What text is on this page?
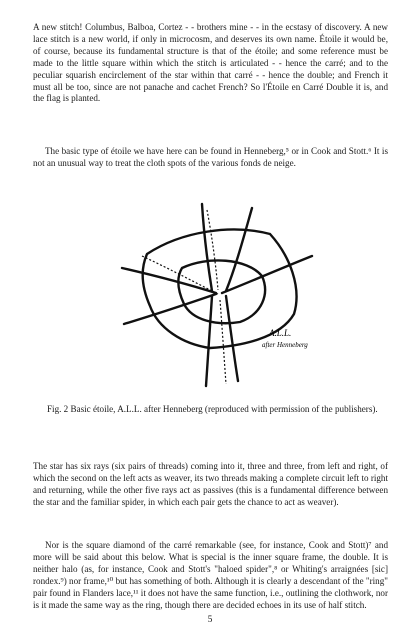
A new stitch! Columbus, Balboa, Cortez - - brothers mine - - in the ecstasy of discovery. A new lace stitch is a new world, if only in microcosm, and deserves its own name. Étoile it would be, of course, because its fundamental structure is that of the étoile; and some reference must be made to the little square within which the stitch is articulated - - hence the carré; and to the peculiar squarish encirclement of the star within that carré - - hence the double; and French it must all be too, since are not panache and cachet French? So l'Étoile en Carré Double it is, and the flag is planted.

The basic type of étoile we have here can be found in Henneberg,⁵ or in Cook and Stott.⁶ It is not an unusual way to treat the cloth spots of the various fonds de neige.

A.L.L.
after Henneberg

Fig. 2 Basic étoile, A.L.L. after Henneberg (reproduced with permission of the publishers).

The star has six rays (six pairs of threads) coming into it, three and three, from left and right, of which the second on the left acts as weaver, its two threads making a complete circuit left to right and returning, while the other five rays act as passives (this is a fundamental difference between the star and the familiar spider, in which each pair gets the chance to act as weaver).

Nor is the square diamond of the carré remarkable (see, for instance, Cook and Stott)⁷ and more will be said about this below. What is special is the inner square frame, the double. It is neither halo (as, for instance, Cook and Stott's "haloed spider",⁸ or Whiting's arraignées [sic] rondex.⁹) nor frame,¹⁰ but has something of both. Although it is clearly a descendant of the "ring" pair found in Flanders lace,¹¹ it does not have the same function, i.e., outlining the clothwork, nor is it made the same way as the ring, though there are decided echoes in its use of half stitch.

5
